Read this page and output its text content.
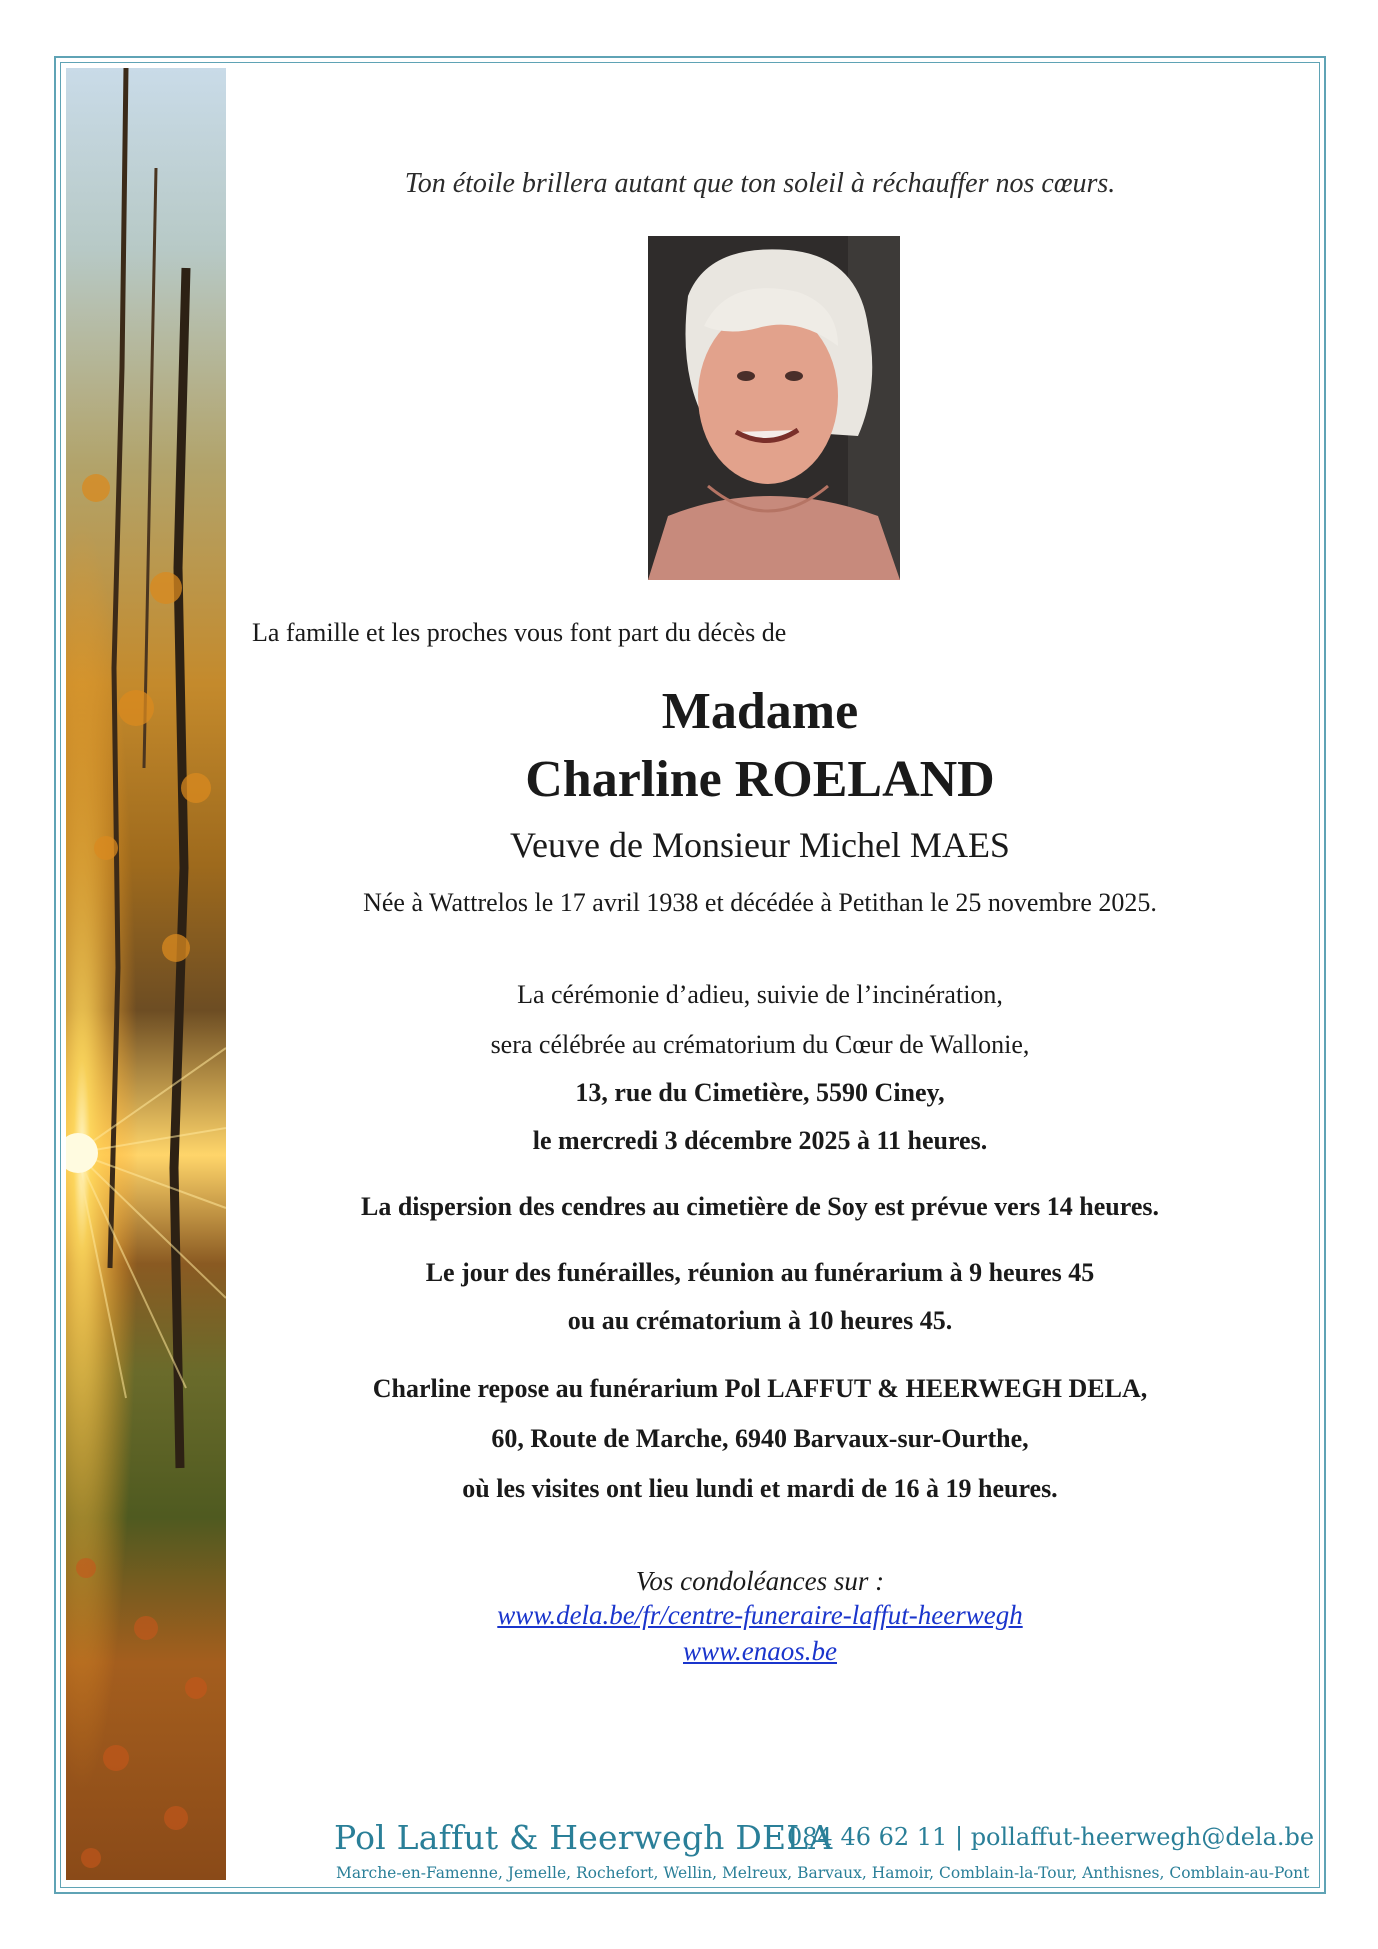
Ton étoile brillera autant que ton soleil à réchauffer nos cœurs.
La famille et les proches vous font part du décès de
Madame
Charline ROELAND
Veuve de Monsieur Michel MAES
Née à Wattrelos le 17 avril 1938 et décédée à Petithan le 25 novembre 2025.
La cérémonie d’adieu, suivie de l’incinération,
sera célébrée au crématorium du Cœur de Wallonie,
13, rue du Cimetière, 5590 Ciney,
le mercredi 3 décembre 2025 à 11 heures.
La dispersion des cendres au cimetière de Soy est prévue vers 14 heures.
Le jour des funérailles, réunion au funérarium à 9 heures 45
ou au crématorium à 10 heures 45.
Charline repose au funérarium Pol LAFFUT & HEERWEGH DELA,
60, Route de Marche, 6940 Barvaux-sur-Ourthe,
où les visites ont lieu lundi et mardi de 16 à 19 heures.
Vos condoléances sur :
www.dela.be/fr/centre-funeraire-laffut-heerwegh
www.enaos.be
Pol Laffut & Heerwegh DELA
084 46 62 11 | pollaffut-heerwegh@dela.be
Marche-en-Famenne, Jemelle, Rochefort, Wellin, Melreux, Barvaux, Hamoir, Comblain-la-Tour, Anthisnes, Comblain-au-Pont
